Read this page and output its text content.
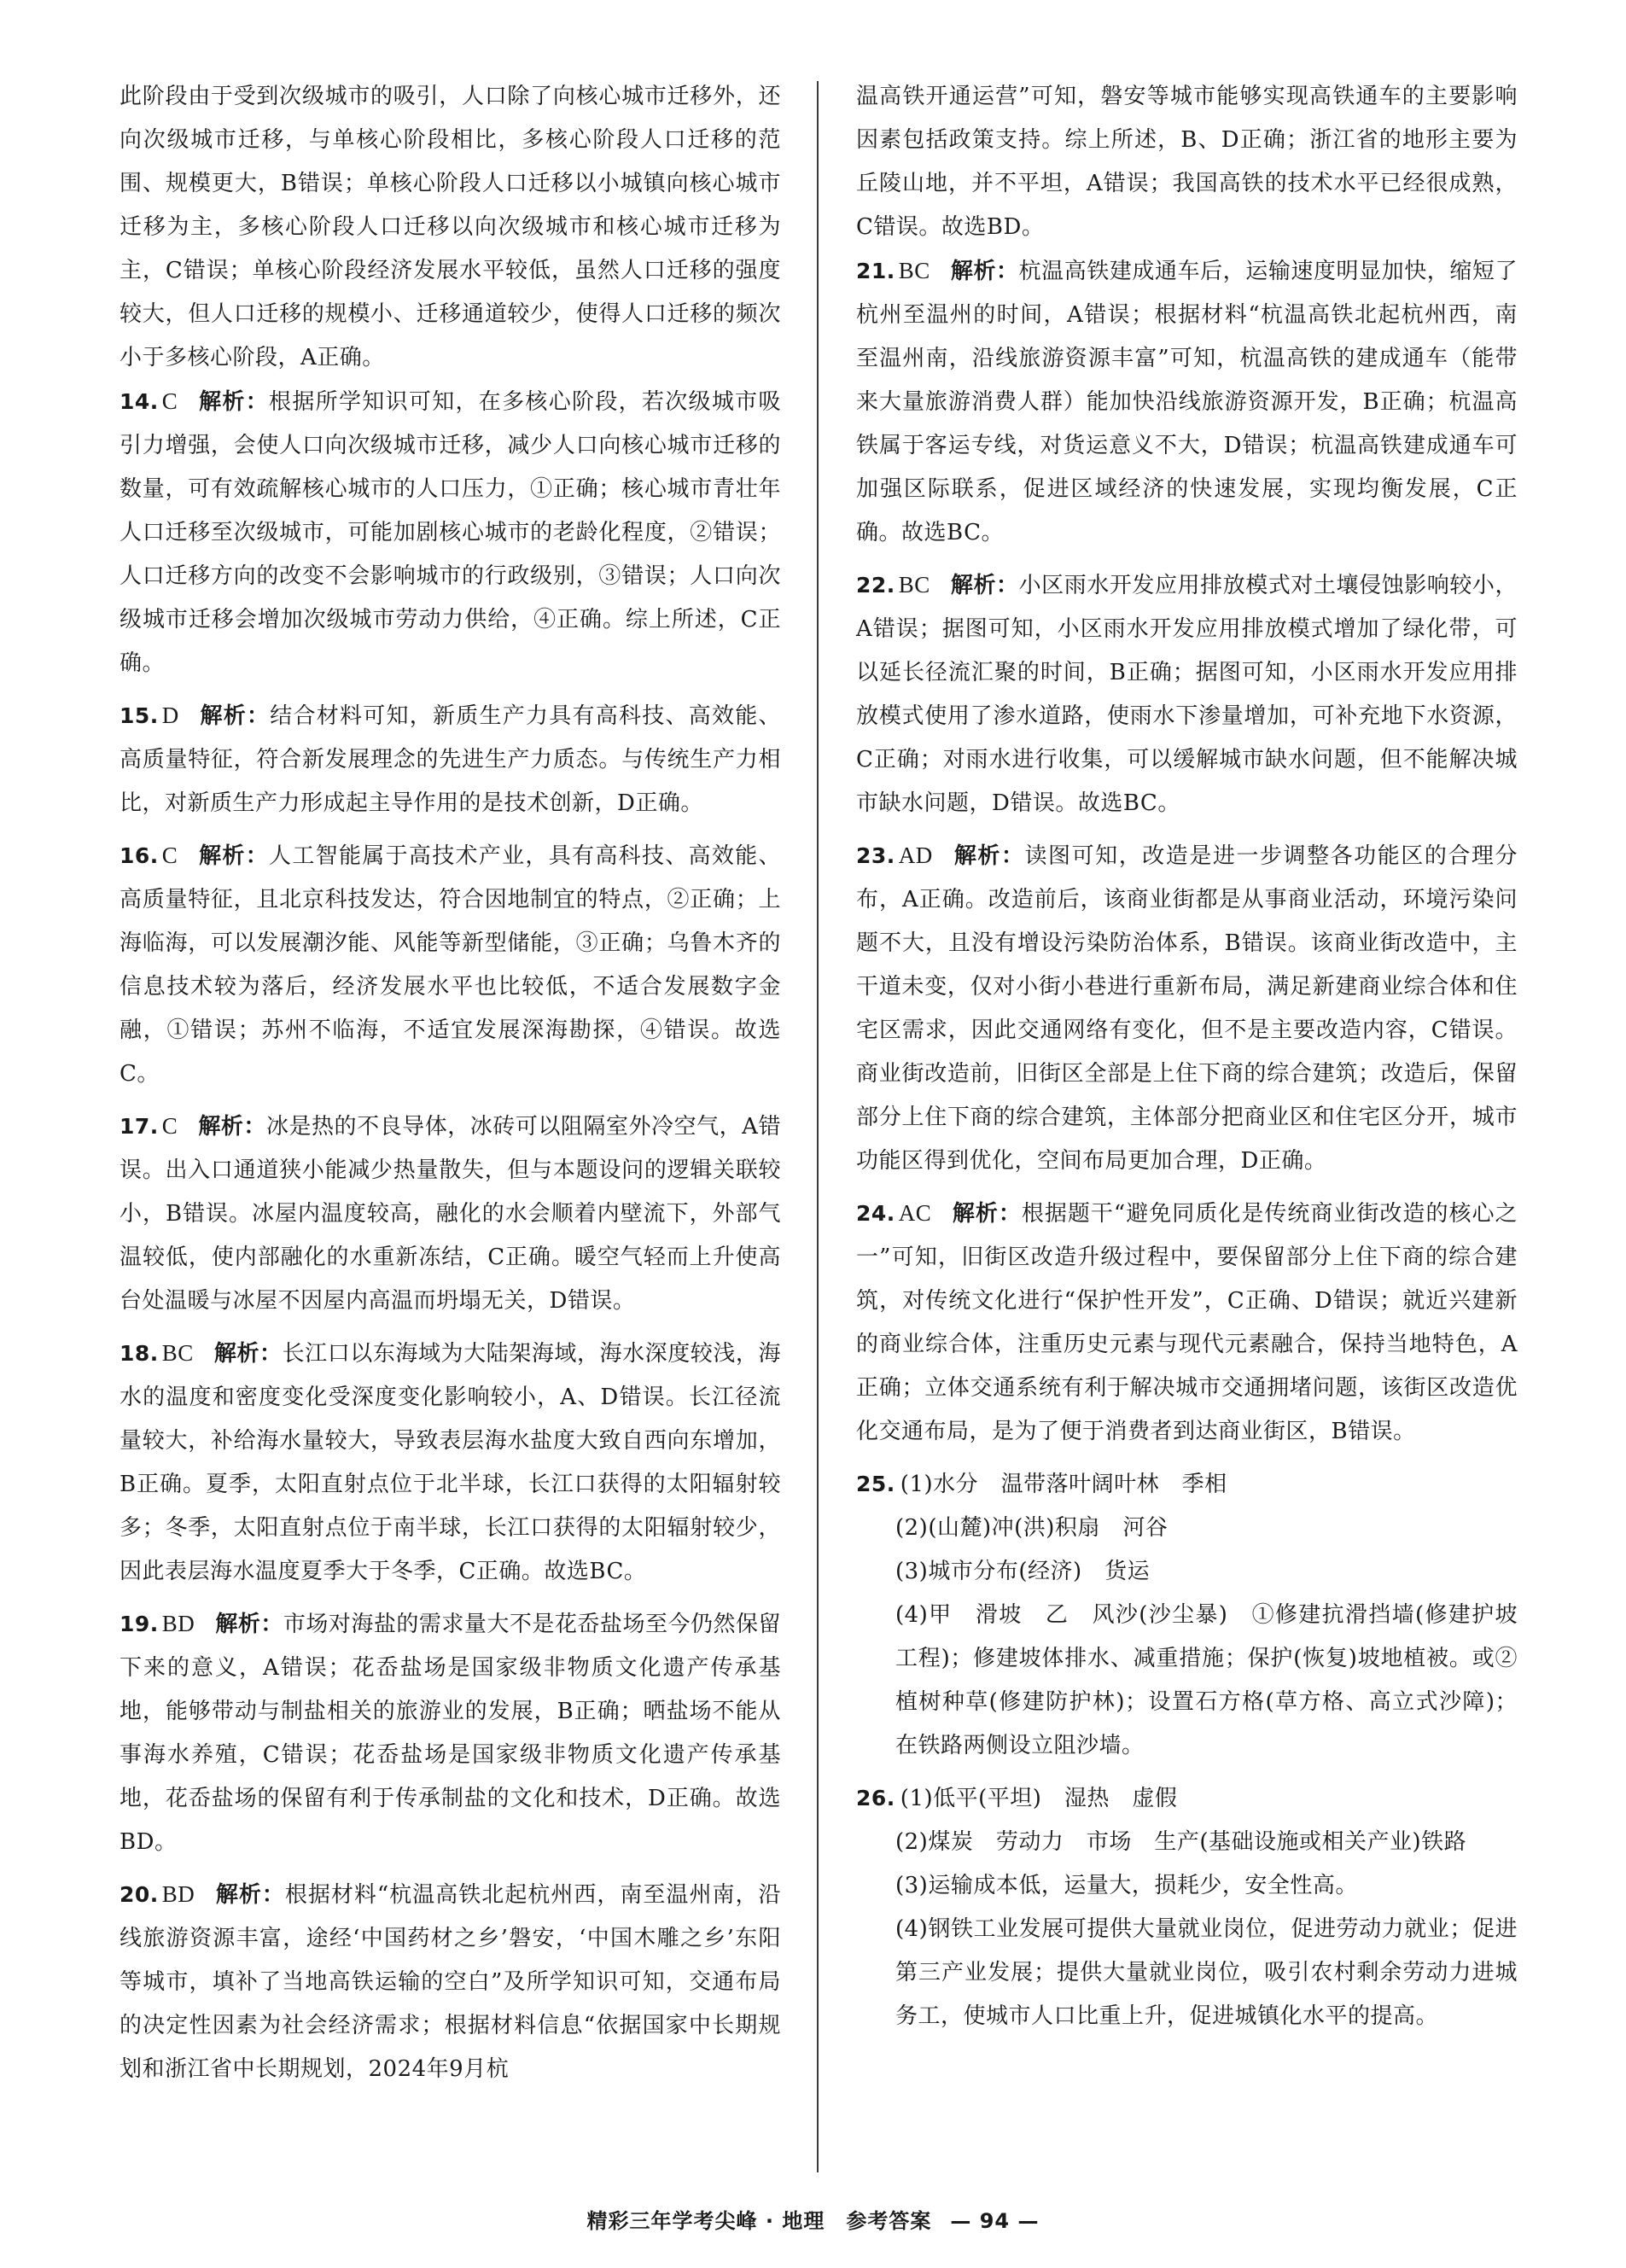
此阶段由于受到次级城市的吸引，人口除了向核心城市迁移外，还向次级城市迁移，与单核心阶段相比，多核心阶段人口迁移的范围、规模更大，B错误；单核心阶段人口迁移以小城镇向核心城市迁移为主，多核心阶段人口迁移以向次级城市和核心城市迁移为主，C错误；单核心阶段经济发展水平较低，虽然人口迁移的强度较大，但人口迁移的规模小、迁移通道较少，使得人口迁移的频次小于多核心阶段，A正确。
14. C 解析：根据所学知识可知，在多核心阶段，若次级城市吸引力增强，会使人口向次级城市迁移，减少人口向核心城市迁移的数量，可有效疏解核心城市的人口压力，①正确；核心城市青壮年人口迁移至次级城市，可能加剧核心城市的老龄化程度，②错误；人口迁移方向的改变不会影响城市的行政级别，③错误；人口向次级城市迁移会增加次级城市劳动力供给，④正确。综上所述，C正确。
15. D 解析：结合材料可知，新质生产力具有高科技、高效能、高质量特征，符合新发展理念的先进生产力质态。与传统生产力相比，对新质生产力形成起主导作用的是技术创新，D正确。
16. C 解析：人工智能属于高技术产业，具有高科技、高效能、高质量特征，且北京科技发达，符合因地制宜的特点，②正确；上海临海，可以发展潮汐能、风能等新型储能，③正确；乌鲁木齐的信息技术较为落后，经济发展水平也比较低，不适合发展数字金融，①错误；苏州不临海，不适宜发展深海勘探，④错误。故选C。
17. C 解析：冰是热的不良导体，冰砖可以阻隔室外冷空气，A错误。出入口通道狭小能减少热量散失，但与本题设问的逻辑关联较小，B错误。冰屋内温度较高，融化的水会顺着内壁流下，外部气温较低，使内部融化的水重新冻结，C正确。暖空气轻而上升使高台处温暖与冰屋不因屋内高温而坍塌无关，D错误。
18. BC 解析：长江口以东海域为大陆架海域，海水深度较浅，海水的温度和密度变化受深度变化影响较小，A、D错误。长江径流量较大，补给海水量较大，导致表层海水盐度大致自西向东增加，B正确。夏季，太阳直射点位于北半球，长江口获得的太阳辐射较多；冬季，太阳直射点位于南半球，长江口获得的太阳辐射较少，因此表层海水温度夏季大于冬季，C正确。故选BC。
19. BD 解析：市场对海盐的需求量大不是花岙盐场至今仍然保留下来的意义，A错误；花岙盐场是国家级非物质文化遗产传承基地，能够带动与制盐相关的旅游业的发展，B正确；晒盐场不能从事海水养殖，C错误；花岙盐场是国家级非物质文化遗产传承基地，花岙盐场的保留有利于传承制盐的文化和技术，D正确。故选BD。
20. BD 解析：根据材料“杭温高铁北起杭州西，南至温州南，沿线旅游资源丰富，途经‘中国药材之乡’磐安，‘中国木雕之乡’东阳等城市，填补了当地高铁运输的空白”及所学知识可知，交通布局的决定性因素为社会经济需求；根据材料信息“依据国家中长期规划和浙江省中长期规划，2024年9月杭
温高铁开通运营”可知，磐安等城市能够实现高铁通车的主要影响因素包括政策支持。综上所述，B、D正确；浙江省的地形主要为丘陵山地，并不平坦，A错误；我国高铁的技术水平已经很成熟，C错误。故选BD。
21. BC 解析：杭温高铁建成通车后，运输速度明显加快，缩短了杭州至温州的时间，A错误；根据材料“杭温高铁北起杭州西，南至温州南，沿线旅游资源丰富”可知，杭温高铁的建成通车（能带来大量旅游消费人群）能加快沿线旅游资源开发，B正确；杭温高铁属于客运专线，对货运意义不大，D错误；杭温高铁建成通车可加强区际联系，促进区域经济的快速发展，实现均衡发展，C正确。故选BC。
22. BC 解析：小区雨水开发应用排放模式对土壤侵蚀影响较小，A错误；据图可知，小区雨水开发应用排放模式增加了绿化带，可以延长径流汇聚的时间，B正确；据图可知，小区雨水开发应用排放模式使用了渗水道路，使雨水下渗量增加，可补充地下水资源，C正确；对雨水进行收集，可以缓解城市缺水问题，但不能解决城市缺水问题，D错误。故选BC。
23. AD 解析：读图可知，改造是进一步调整各功能区的合理分布，A正确。改造前后，该商业街都是从事商业活动，环境污染问题不大，且没有增设污染防治体系，B错误。该商业街改造中，主干道未变，仅对小街小巷进行重新布局，满足新建商业综合体和住宅区需求，因此交通网络有变化，但不是主要改造内容，C错误。商业街改造前，旧街区全部是上住下商的综合建筑；改造后，保留部分上住下商的综合建筑，主体部分把商业区和住宅区分开，城市功能区得到优化，空间布局更加合理，D正确。
24. AC 解析：根据题干“避免同质化是传统商业街改造的核心之一”可知，旧街区改造升级过程中，要保留部分上住下商的综合建筑，对传统文化进行“保护性开发”，C正确、D错误；就近兴建新的商业综合体，注重历史元素与现代元素融合，保持当地特色，A正确；立体交通系统有利于解决城市交通拥堵问题，该街区改造优化交通布局，是为了便于消费者到达商业街区，B错误。
25. (1)水分　温带落叶阔叶林　季相
(2)(山麓)冲(洪)积扇　河谷
(3)城市分布(经济)　货运
(4)甲　滑坡　乙　风沙(沙尘暴)　①修建抗滑挡墙(修建护坡工程)；修建坡体排水、减重措施；保护(恢复)坡地植被。或②植树种草(修建防护林)；设置石方格(草方格、高立式沙障)；在铁路两侧设立阻沙墙。
26. (1)低平(平坦)　湿热　虚假
(2)煤炭　劳动力　市场　生产(基础设施或相关产业)铁路
(3)运输成本低，运量大，损耗少，安全性高。
(4)钢铁工业发展可提供大量就业岗位，促进劳动力就业；促进第三产业发展；提供大量就业岗位，吸引农村剩余劳动力进城务工，使城市人口比重上升，促进城镇化水平的提高。
精彩三年学考尖峰 · 地理　参考答案 — 94 —
